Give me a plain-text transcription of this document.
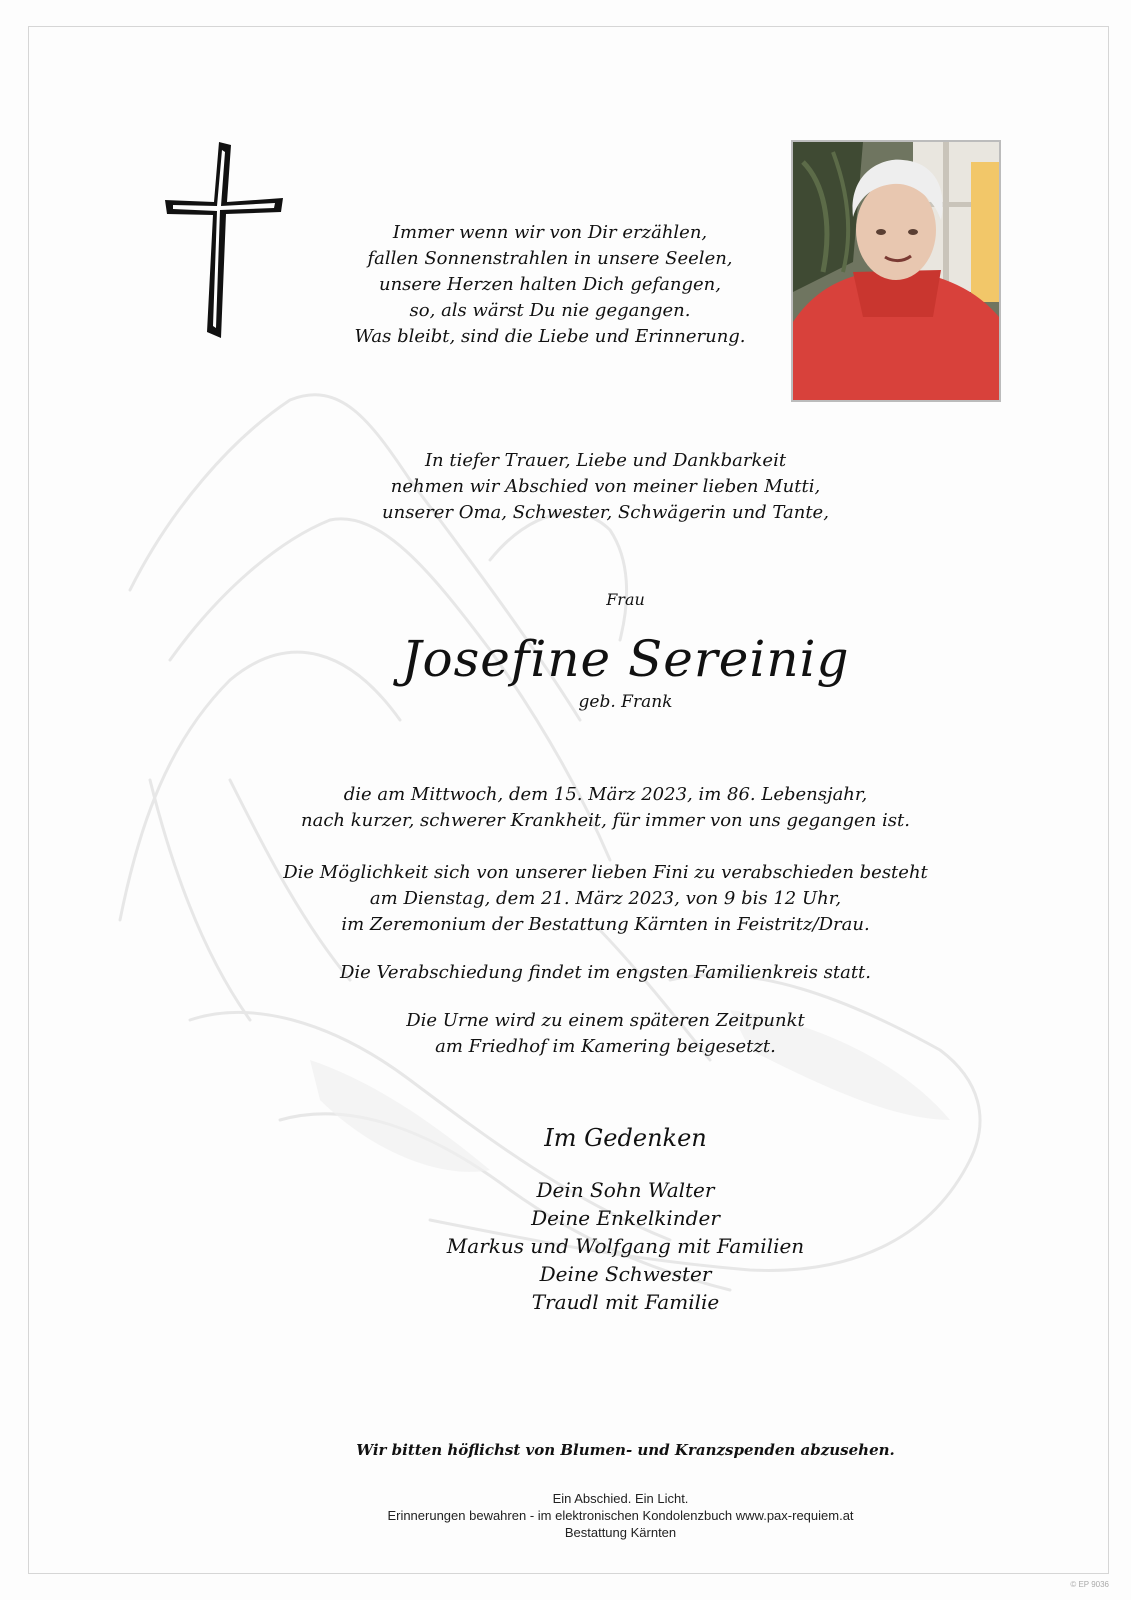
Immer wenn wir von Dir erzählen,
fallen Sonnenstrahlen in unsere Seelen,
unsere Herzen halten Dich gefangen,
so, als wärst Du nie gegangen.
Was bleibt, sind die Liebe und Erinnerung.
In tiefer Trauer, Liebe und Dankbarkeit
nehmen wir Abschied von meiner lieben Mutti,
unserer Oma, Schwester, Schwägerin und Tante,
Frau
Josefine Sereinig
geb. Frank
die am Mittwoch, dem 15. März 2023, im 86. Lebensjahr,
nach kurzer, schwerer Krankheit, für immer von uns gegangen ist.
Die Möglichkeit sich von unserer lieben Fini zu verabschieden besteht
am Dienstag, dem 21. März 2023, von 9 bis 12 Uhr,
im Zeremonium der Bestattung Kärnten in Feistritz/Drau.
Die Verabschiedung findet im engsten Familienkreis statt.
Die Urne wird zu einem späteren Zeitpunkt
am Friedhof im Kamering beigesetzt.
Im Gedenken
Dein Sohn Walter
Deine Enkelkinder
Markus und Wolfgang mit Familien
Deine Schwester
Traudl mit Familie
Wir bitten höflichst von Blumen- und Kranzspenden abzusehen.
Ein Abschied. Ein Licht.
Erinnerungen bewahren - im elektronischen Kondolenzbuch www.pax-requiem.at
Bestattung Kärnten
© EP 9036
